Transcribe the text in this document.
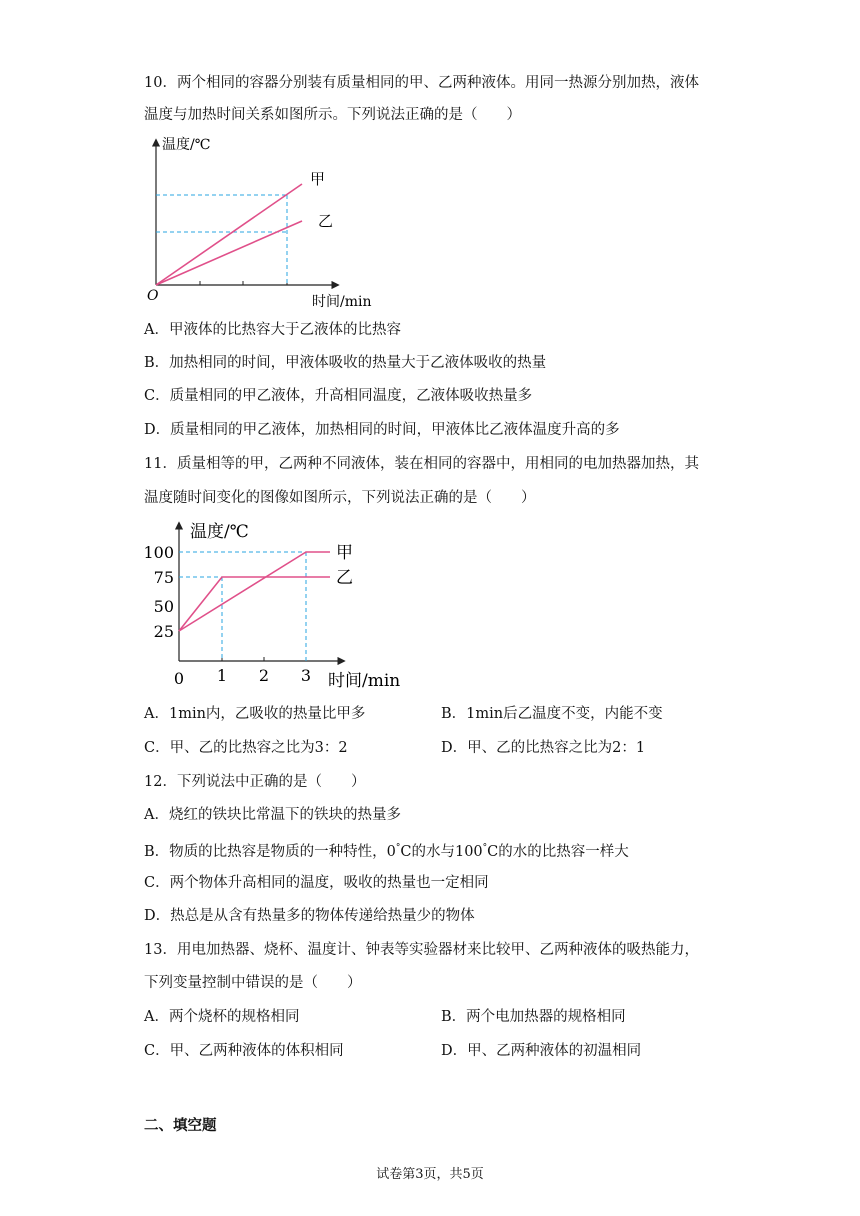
10．两个相同的容器分别装有质量相同的甲、乙两种液体。用同一热源分别加热，液体
温度与加热时间关系如图所示。下列说法正确的是（　　）
温度/℃
时间/min
O
甲
乙
A．甲液体的比热容大于乙液体的比热容
B．加热相同的时间，甲液体吸收的热量大于乙液体吸收的热量
C．质量相同的甲乙液体，升高相同温度，乙液体吸收热量多
D．质量相同的甲乙液体，加热相同的时间，甲液体比乙液体温度升高的多
11．质量相等的甲，乙两种不同液体，装在相同的容器中，用相同的电加热器加热，其
温度随时间变化的图像如图所示，下列说法正确的是（　　）
温度/℃
100
75
50
25
0 1 2 3 时间/min
甲
乙
A．1min内，乙吸收的热量比甲多	B．1min后乙温度不变，内能不变
C．甲、乙的比热容之比为3：2	D．甲、乙的比热容之比为2：1
12．下列说法中正确的是（　　）
A．烧红的铁块比常温下的铁块的热量多
B．物质的比热容是物质的一种特性，0°C的水与100°C的水的比热容一样大
C．两个物体升高相同的温度，吸收的热量也一定相同
D．热总是从含有热量多的物体传递给热量少的物体
13．用电加热器、烧杯、温度计、钟表等实验器材来比较甲、乙两种液体的吸热能力，
下列变量控制中错误的是（　　）
A．两个烧杯的规格相同	B．两个电加热器的规格相同
C．甲、乙两种液体的体积相同	D．甲、乙两种液体的初温相同
二、填空题
试卷第3页，共5页
